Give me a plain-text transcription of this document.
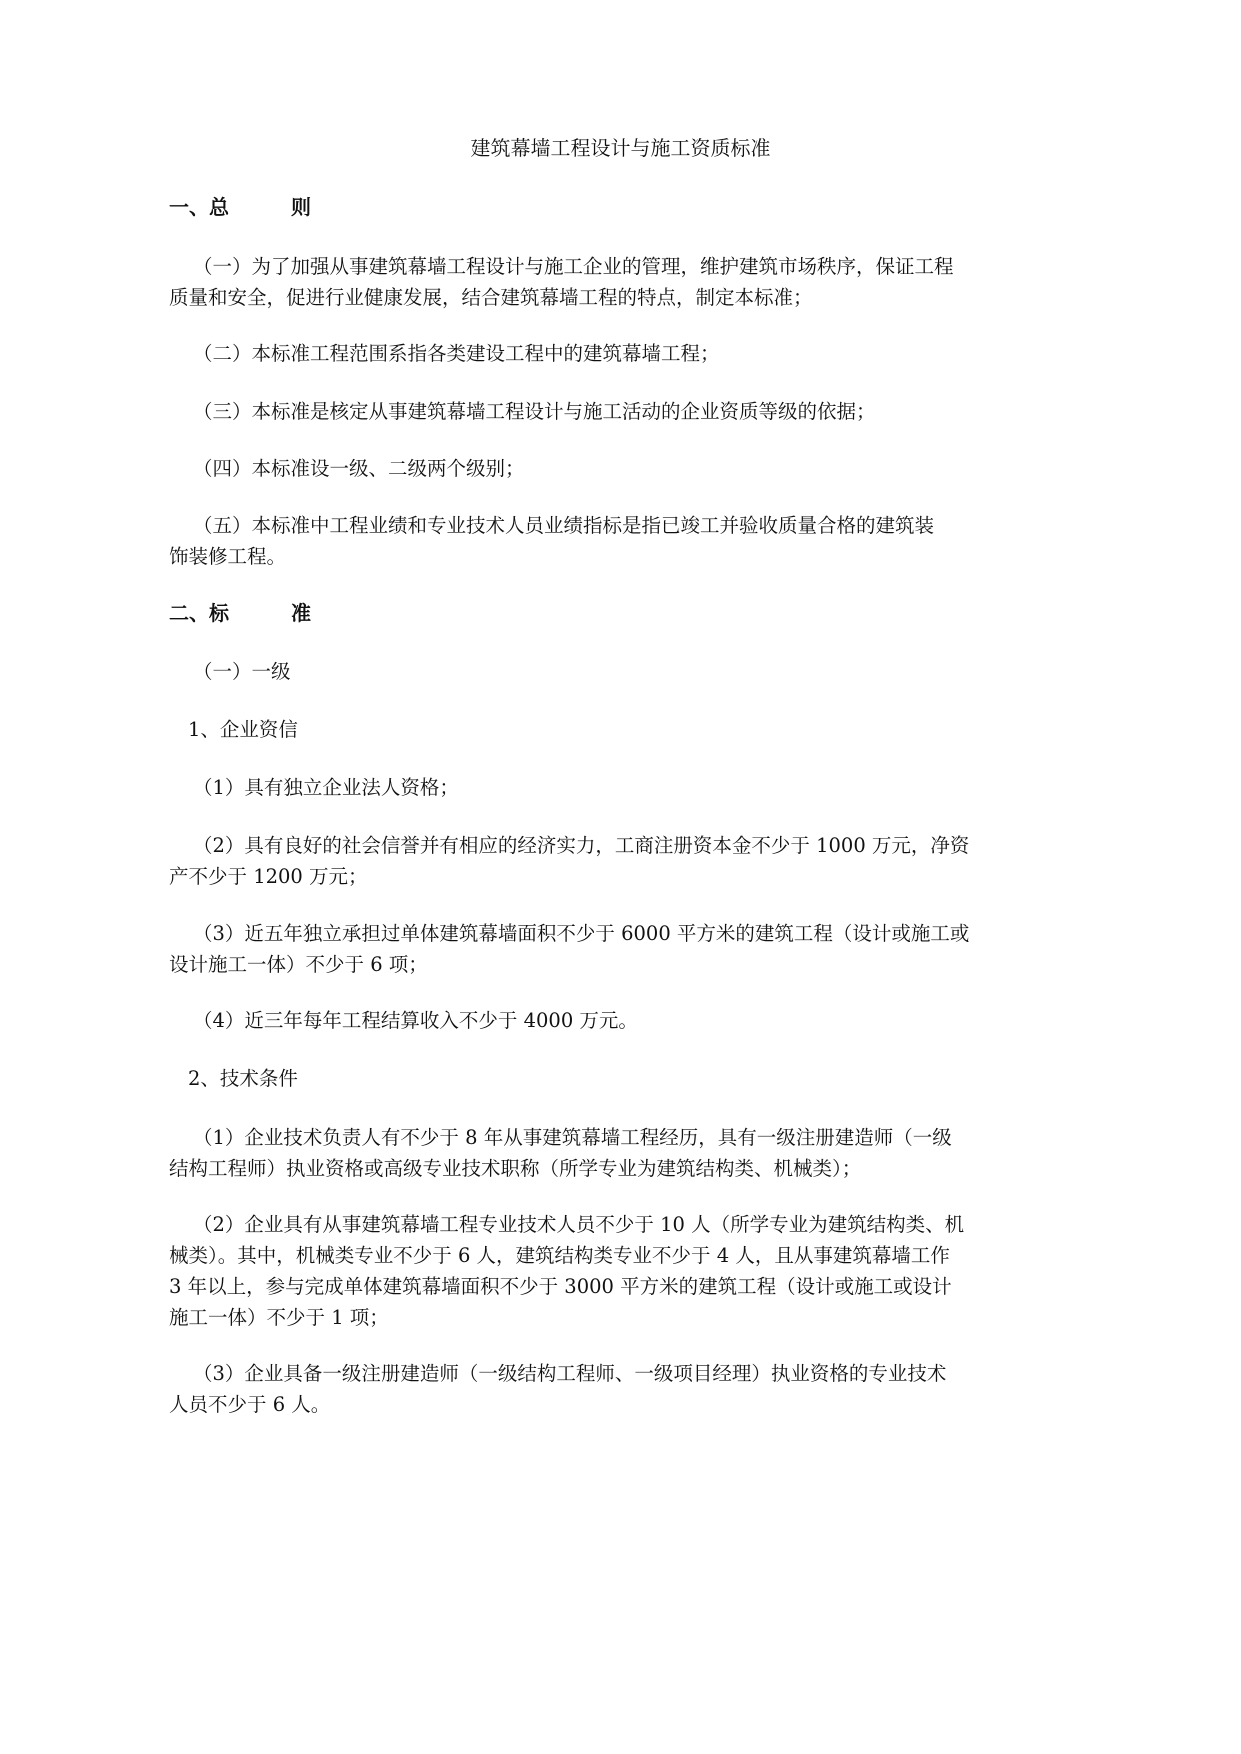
建筑幕墙工程设计与施工资质标准
一、总	则
（一）为了加强从事建筑幕墙工程设计与施工企业的管理，维护建筑市场秩序，保证工程
质量和安全，促进行业健康发展，结合建筑幕墙工程的特点，制定本标准；
（二）本标准工程范围系指各类建设工程中的建筑幕墙工程；
（三）本标准是核定从事建筑幕墙工程设计与施工活动的企业资质等级的依据；
（四）本标准设一级、二级两个级别；
（五）本标准中工程业绩和专业技术人员业绩指标是指已竣工并验收质量合格的建筑装
饰装修工程。
二、标	准
（一）一级
1、企业资信
（1）具有独立企业法人资格；
（2）具有良好的社会信誉并有相应的经济实力，工商注册资本金不少于 1000 万元，净资
产不少于 1200 万元；
（3）近五年独立承担过单体建筑幕墙面积不少于 6000 平方米的建筑工程（设计或施工或
设计施工一体）不少于 6 项；
（4）近三年每年工程结算收入不少于 4000 万元。
2、技术条件
（1）企业技术负责人有不少于 8 年从事建筑幕墙工程经历，具有一级注册建造师（一级
结构工程师）执业资格或高级专业技术职称（所学专业为建筑结构类、机械类）；
（2）企业具有从事建筑幕墙工程专业技术人员不少于 10 人（所学专业为建筑结构类、机
械类）。其中，机械类专业不少于 6 人，建筑结构类专业不少于 4 人，且从事建筑幕墙工作
3 年以上，参与完成单体建筑幕墙面积不少于 3000 平方米的建筑工程（设计或施工或设计
施工一体）不少于 1 项；
（3）企业具备一级注册建造师（一级结构工程师、一级项目经理）执业资格的专业技术
人员不少于 6 人。
